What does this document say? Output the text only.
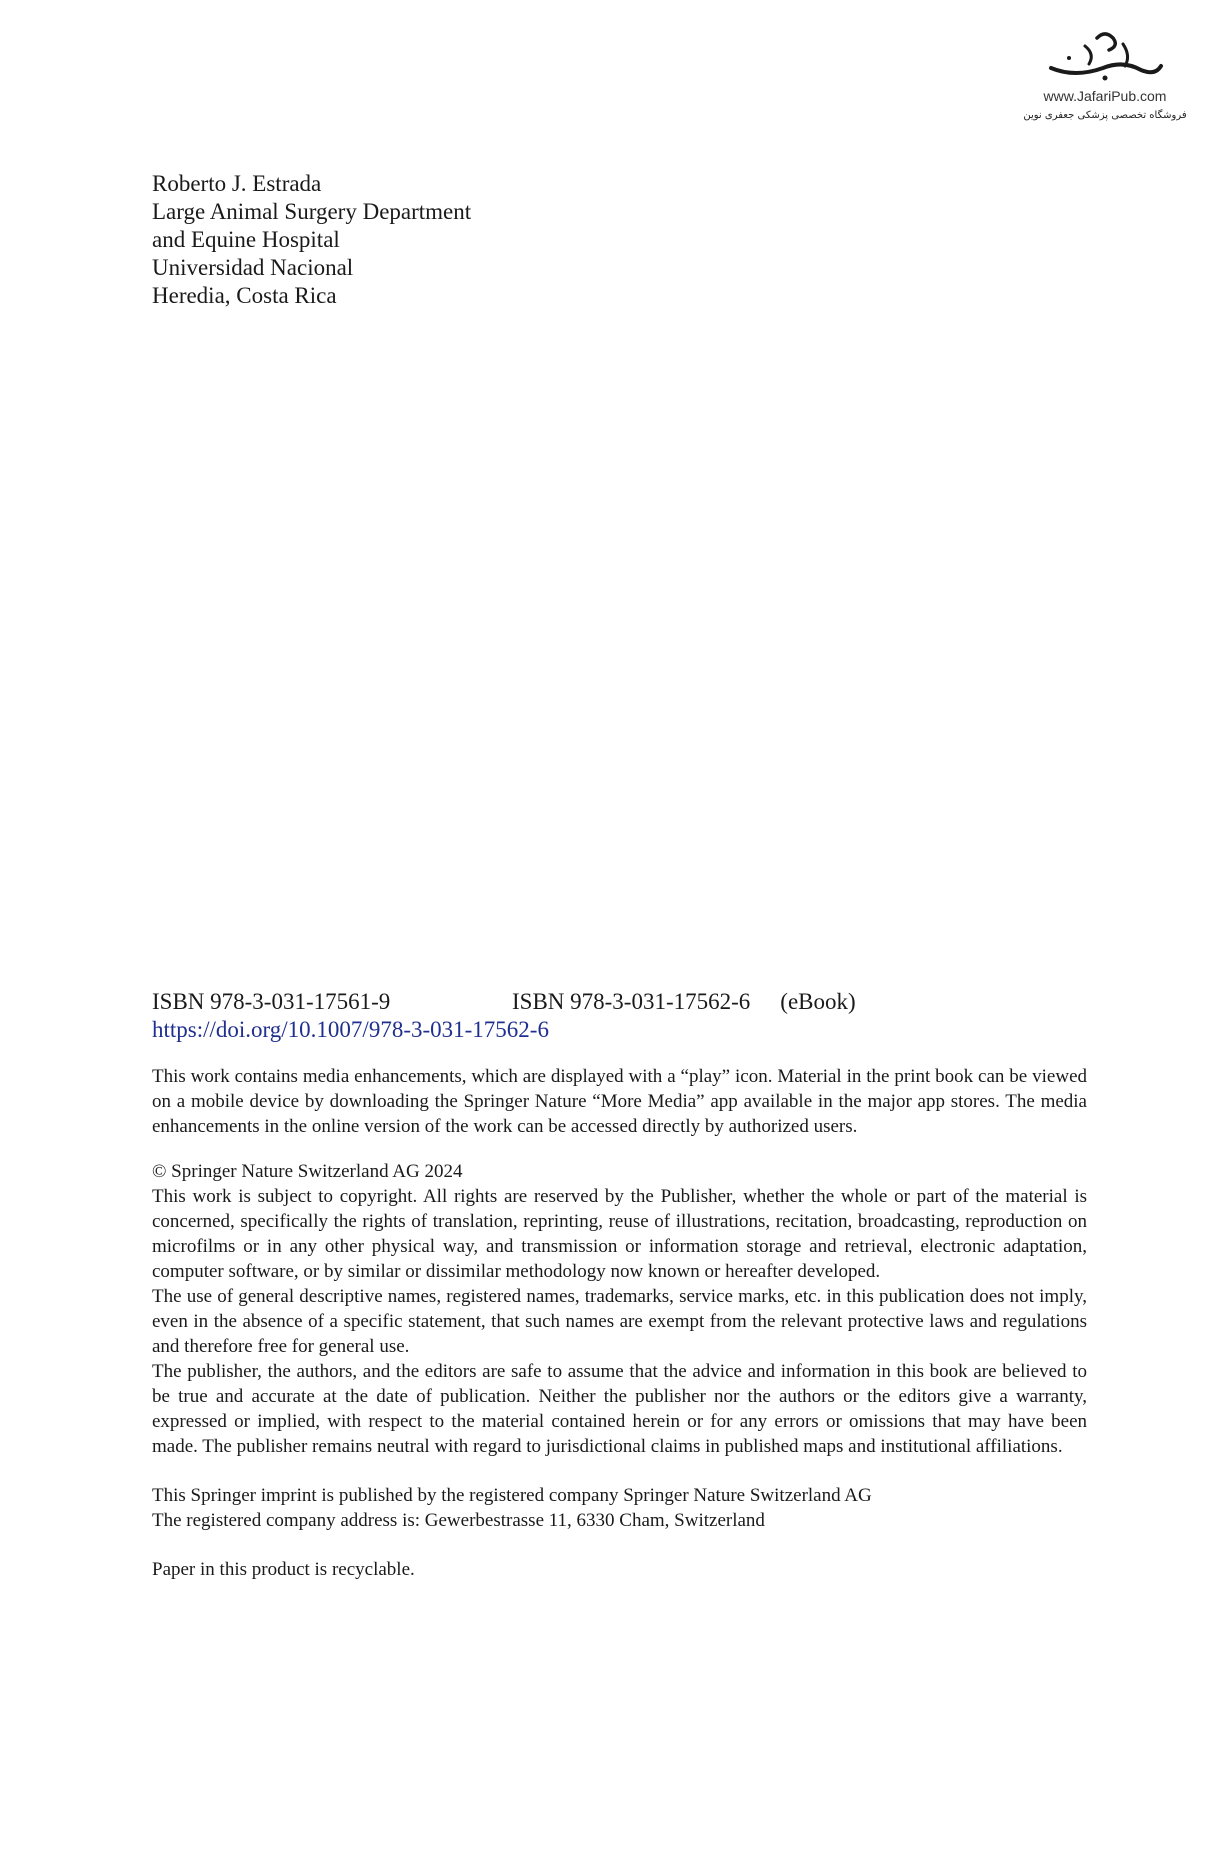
www.JafariPub.com
فروشگاه تخصصی پزشکی جعفری نوین
Roberto J. Estrada
Large Animal Surgery Department
and Equine Hospital
Universidad Nacional
Heredia, Costa Rica
ISBN 978-3-031-17561-9	ISBN 978-3-031-17562-6 (eBook)
https://doi.org/10.1007/978-3-031-17562-6

This work contains media enhancements, which are displayed with a “play” icon. Material in the print book can be viewed on a mobile device by downloading the Springer Nature “More Media” app available in the major app stores. The media enhancements in the online version of the work can be accessed directly by authorized users.

© Springer Nature Switzerland AG 2024

This work is subject to copyright. All rights are reserved by the Publisher, whether the whole or part of the material is concerned, specifically the rights of translation, reprinting, reuse of illustrations, recitation, broadcasting, reproduction on microfilms or in any other physical way, and transmission or information storage and retrieval, electronic adaptation, computer software, or by similar or dissimilar methodology now known or hereafter developed.

The use of general descriptive names, registered names, trademarks, service marks, etc. in this publication does not imply, even in the absence of a specific statement, that such names are exempt from the relevant protective laws and regulations and therefore free for general use.

The publisher, the authors, and the editors are safe to assume that the advice and information in this book are believed to be true and accurate at the date of publication. Neither the publisher nor the authors or the editors give a warranty, expressed or implied, with respect to the material contained herein or for any errors or omissions that may have been made. The publisher remains neutral with regard to jurisdictional claims in published maps and institutional affiliations.

This Springer imprint is published by the registered company Springer Nature Switzerland AG
The registered company address is: Gewerbestrasse 11, 6330 Cham, Switzerland
Paper in this product is recyclable.
